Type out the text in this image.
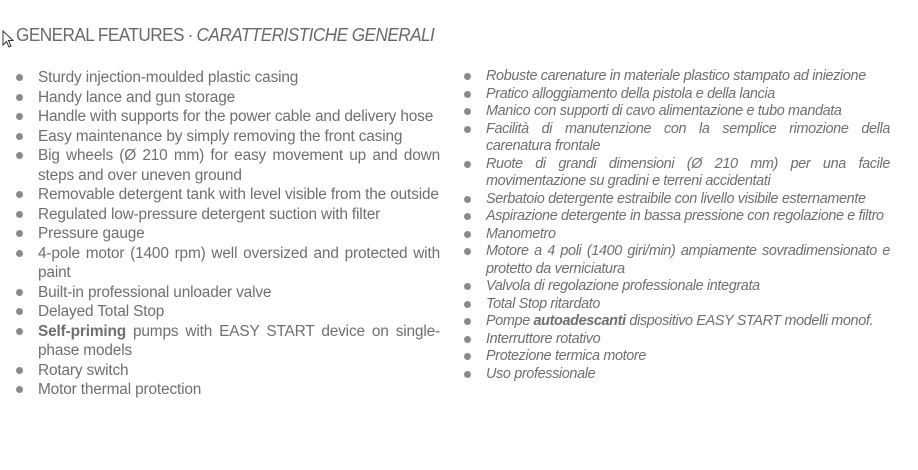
GENERAL FEATURES · CARATTERISTICHE GENERALI
Sturdy injection-moulded plastic casing
Handy lance and gun storage
Handle with supports for the power cable and delivery hose
Easy maintenance by simply removing the front casing
Big wheels (Ø 210 mm) for easy movement up and down steps and over uneven ground
Removable detergent tank with level visible from the outside
Regulated low-pressure detergent suction with filter
Pressure gauge
4-pole motor (1400 rpm) well oversized and protected with paint
Built-in professional unloader valve
Delayed Total Stop
Self-priming pumps with EASY START device on single-phase models
Rotary switch
Motor thermal protection
Robuste carenature in materiale plastico stampato ad iniezione
Pratico alloggiamento della pistola e della lancia
Manico con supporti di cavo alimentazione e tubo mandata
Facilità di manutenzione con la semplice rimozione della carenatura frontale
Ruote di grandi dimensioni (Ø 210 mm) per una facile movimentazione su gradini e terreni accidentati
Serbatoio detergente estraibile con livello visibile esternamente
Aspirazione detergente in bassa pressione con regolazione e filtro
Manometro
Motore a 4 poli (1400 giri/min) ampiamente sovradimensionato e protetto da verniciatura
Valvola di regolazione professionale integrata
Total Stop ritardato
Pompe autoadescanti dispositivo EASY START modelli monof.
Interruttore rotativo
Protezione termica motore
Uso professionale
